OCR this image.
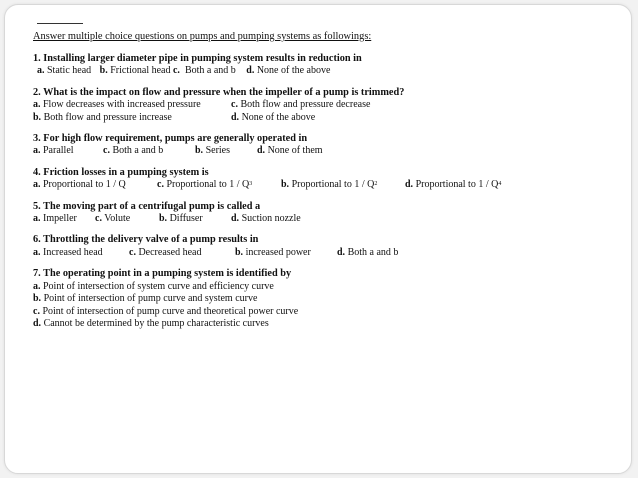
Answer multiple choice questions on pumps and pumping systems as followings:
1. Installing larger diameter pipe in pumping system results in reduction in
a. Static head b. Frictional head c. Both a and b d. None of the above
2. What is the impact on flow and pressure when the impeller of a pump is trimmed?
a. Flow decreases with increased pressure	c. Both flow and pressure decrease
b. Both flow and pressure increase	d. None of the above
3. For high flow requirement, pumps are generally operated in
a. Parallel	c. Both a and b	b. Series	d. None of them
4. Friction losses in a pumping system is
a. Proportional to 1 / Q	c. Proportional to $1 / Q^3$	b. Proportional to $1 / Q^2$	d. Proportional to $1 / Q^4$
5. The moving part of a centrifugal pump is called a
a. Impeller c. Volute	b. Diffuser	d. Suction nozzle
6. Throttling the delivery valve of a pump results in
a. Increased head	c. Decreased head	b. increased power	d. Both a and b
7. The operating point in a pumping system is identified by
a. Point of intersection of system curve and efficiency curve
b. Point of intersection of pump curve and system curve
c. Point of intersection of pump curve and theoretical power curve
d. Cannot be determined by the pump characteristic curves
